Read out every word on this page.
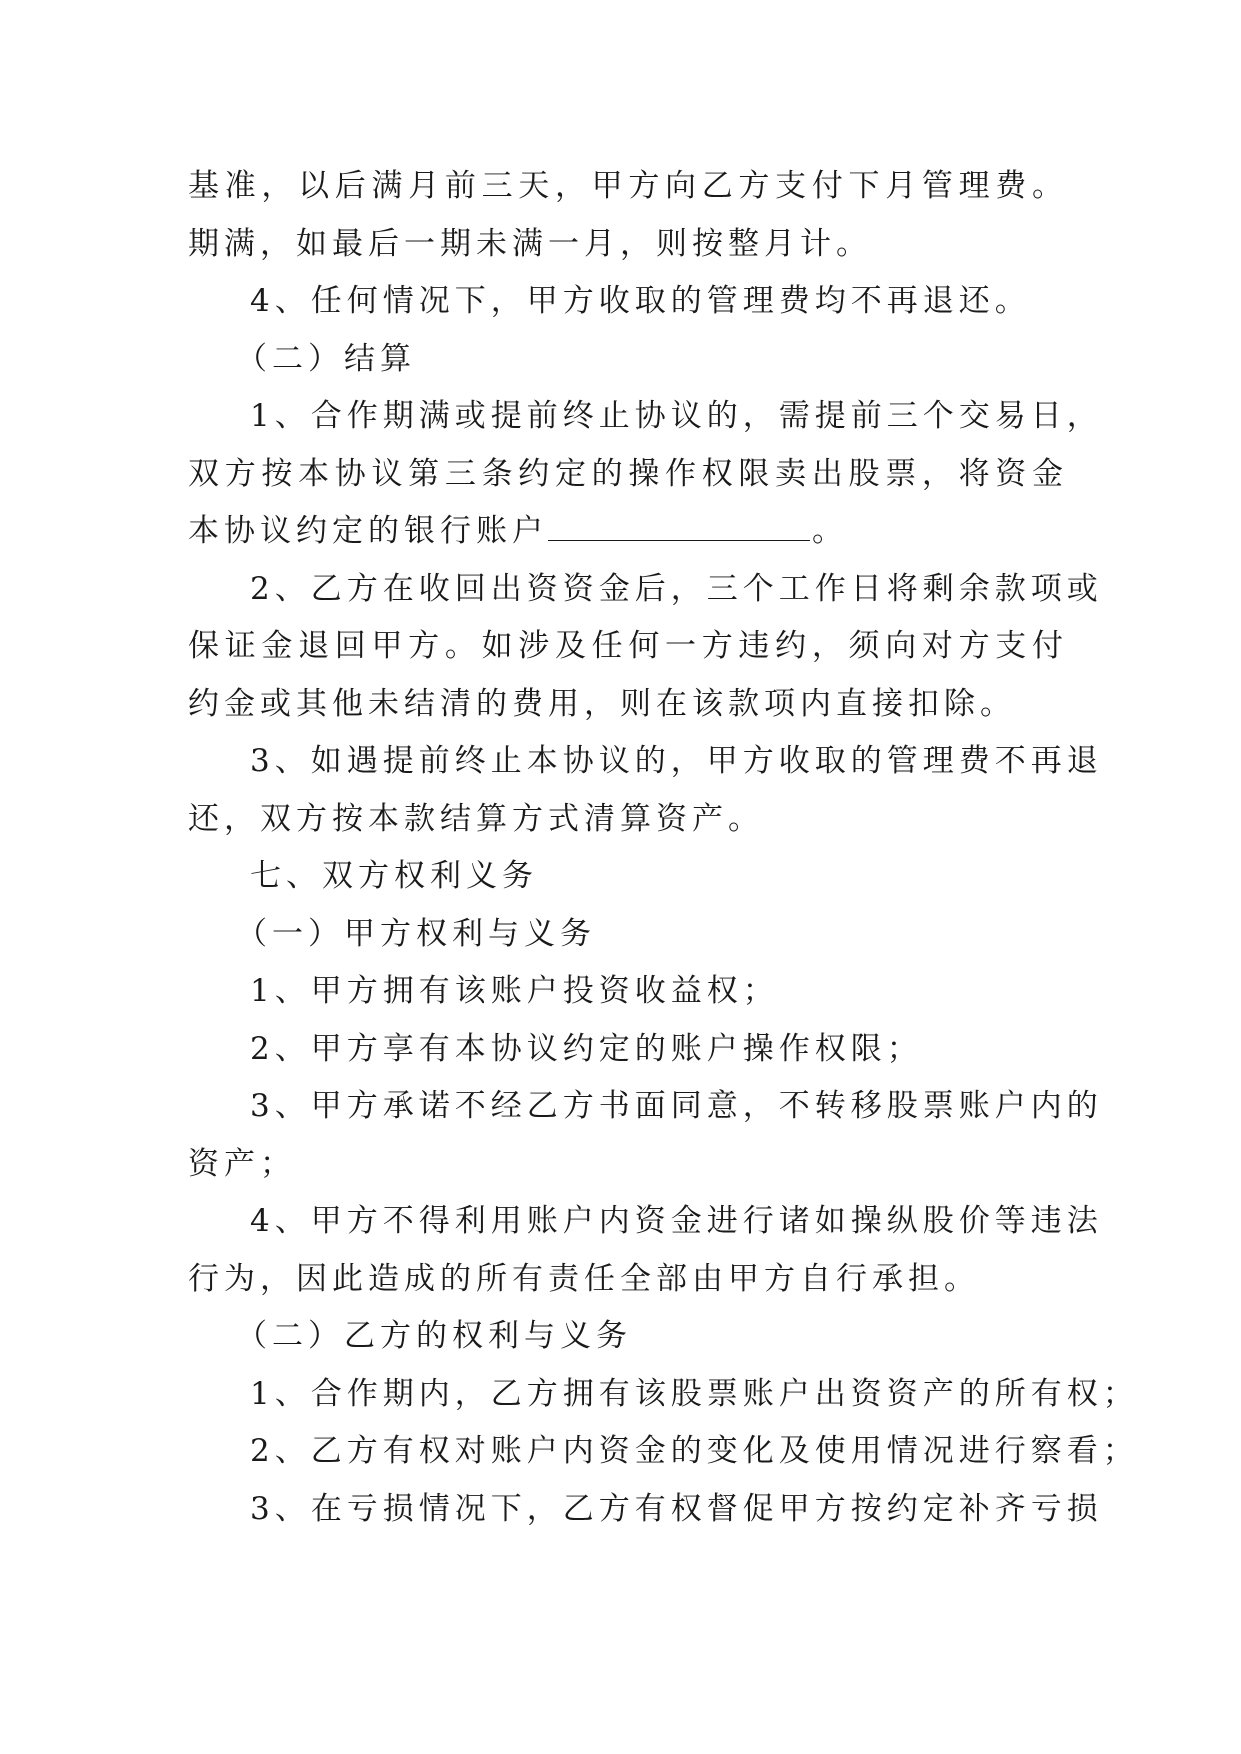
基准，以后满月前三天，甲方向乙方支付下月管理费。

期满，如最后一期未满一月，则按整月计。

4、任何情况下，甲方收取的管理费均不再退还。

（二）结算

1、合作期满或提前终止协议的，需提前三个交易日，

双方按本协议第三条约定的操作权限卖出股票，将资金

本协议约定的银行账户	。

2、乙方在收回出资资金后，三个工作日将剩余款项或

保证金退回甲方。如涉及任何一方违约，须向对方支付

约金或其他未结清的费用，则在该款项内直接扣除。

3、如遇提前终止本协议的，甲方收取的管理费不再退

还，双方按本款结算方式清算资产。

七、双方权利义务

（一）甲方权利与义务

1、甲方拥有该账户投资收益权；

2、甲方享有本协议约定的账户操作权限；

3、甲方承诺不经乙方书面同意，不转移股票账户内的

资产；

4、甲方不得利用账户内资金进行诸如操纵股价等违法

行为，因此造成的所有责任全部由甲方自行承担。

（二）乙方的权利与义务

1、合作期内，乙方拥有该股票账户出资资产的所有权；

2、乙方有权对账户内资金的变化及使用情况进行察看；

3、在亏损情况下，乙方有权督促甲方按约定补齐亏损
